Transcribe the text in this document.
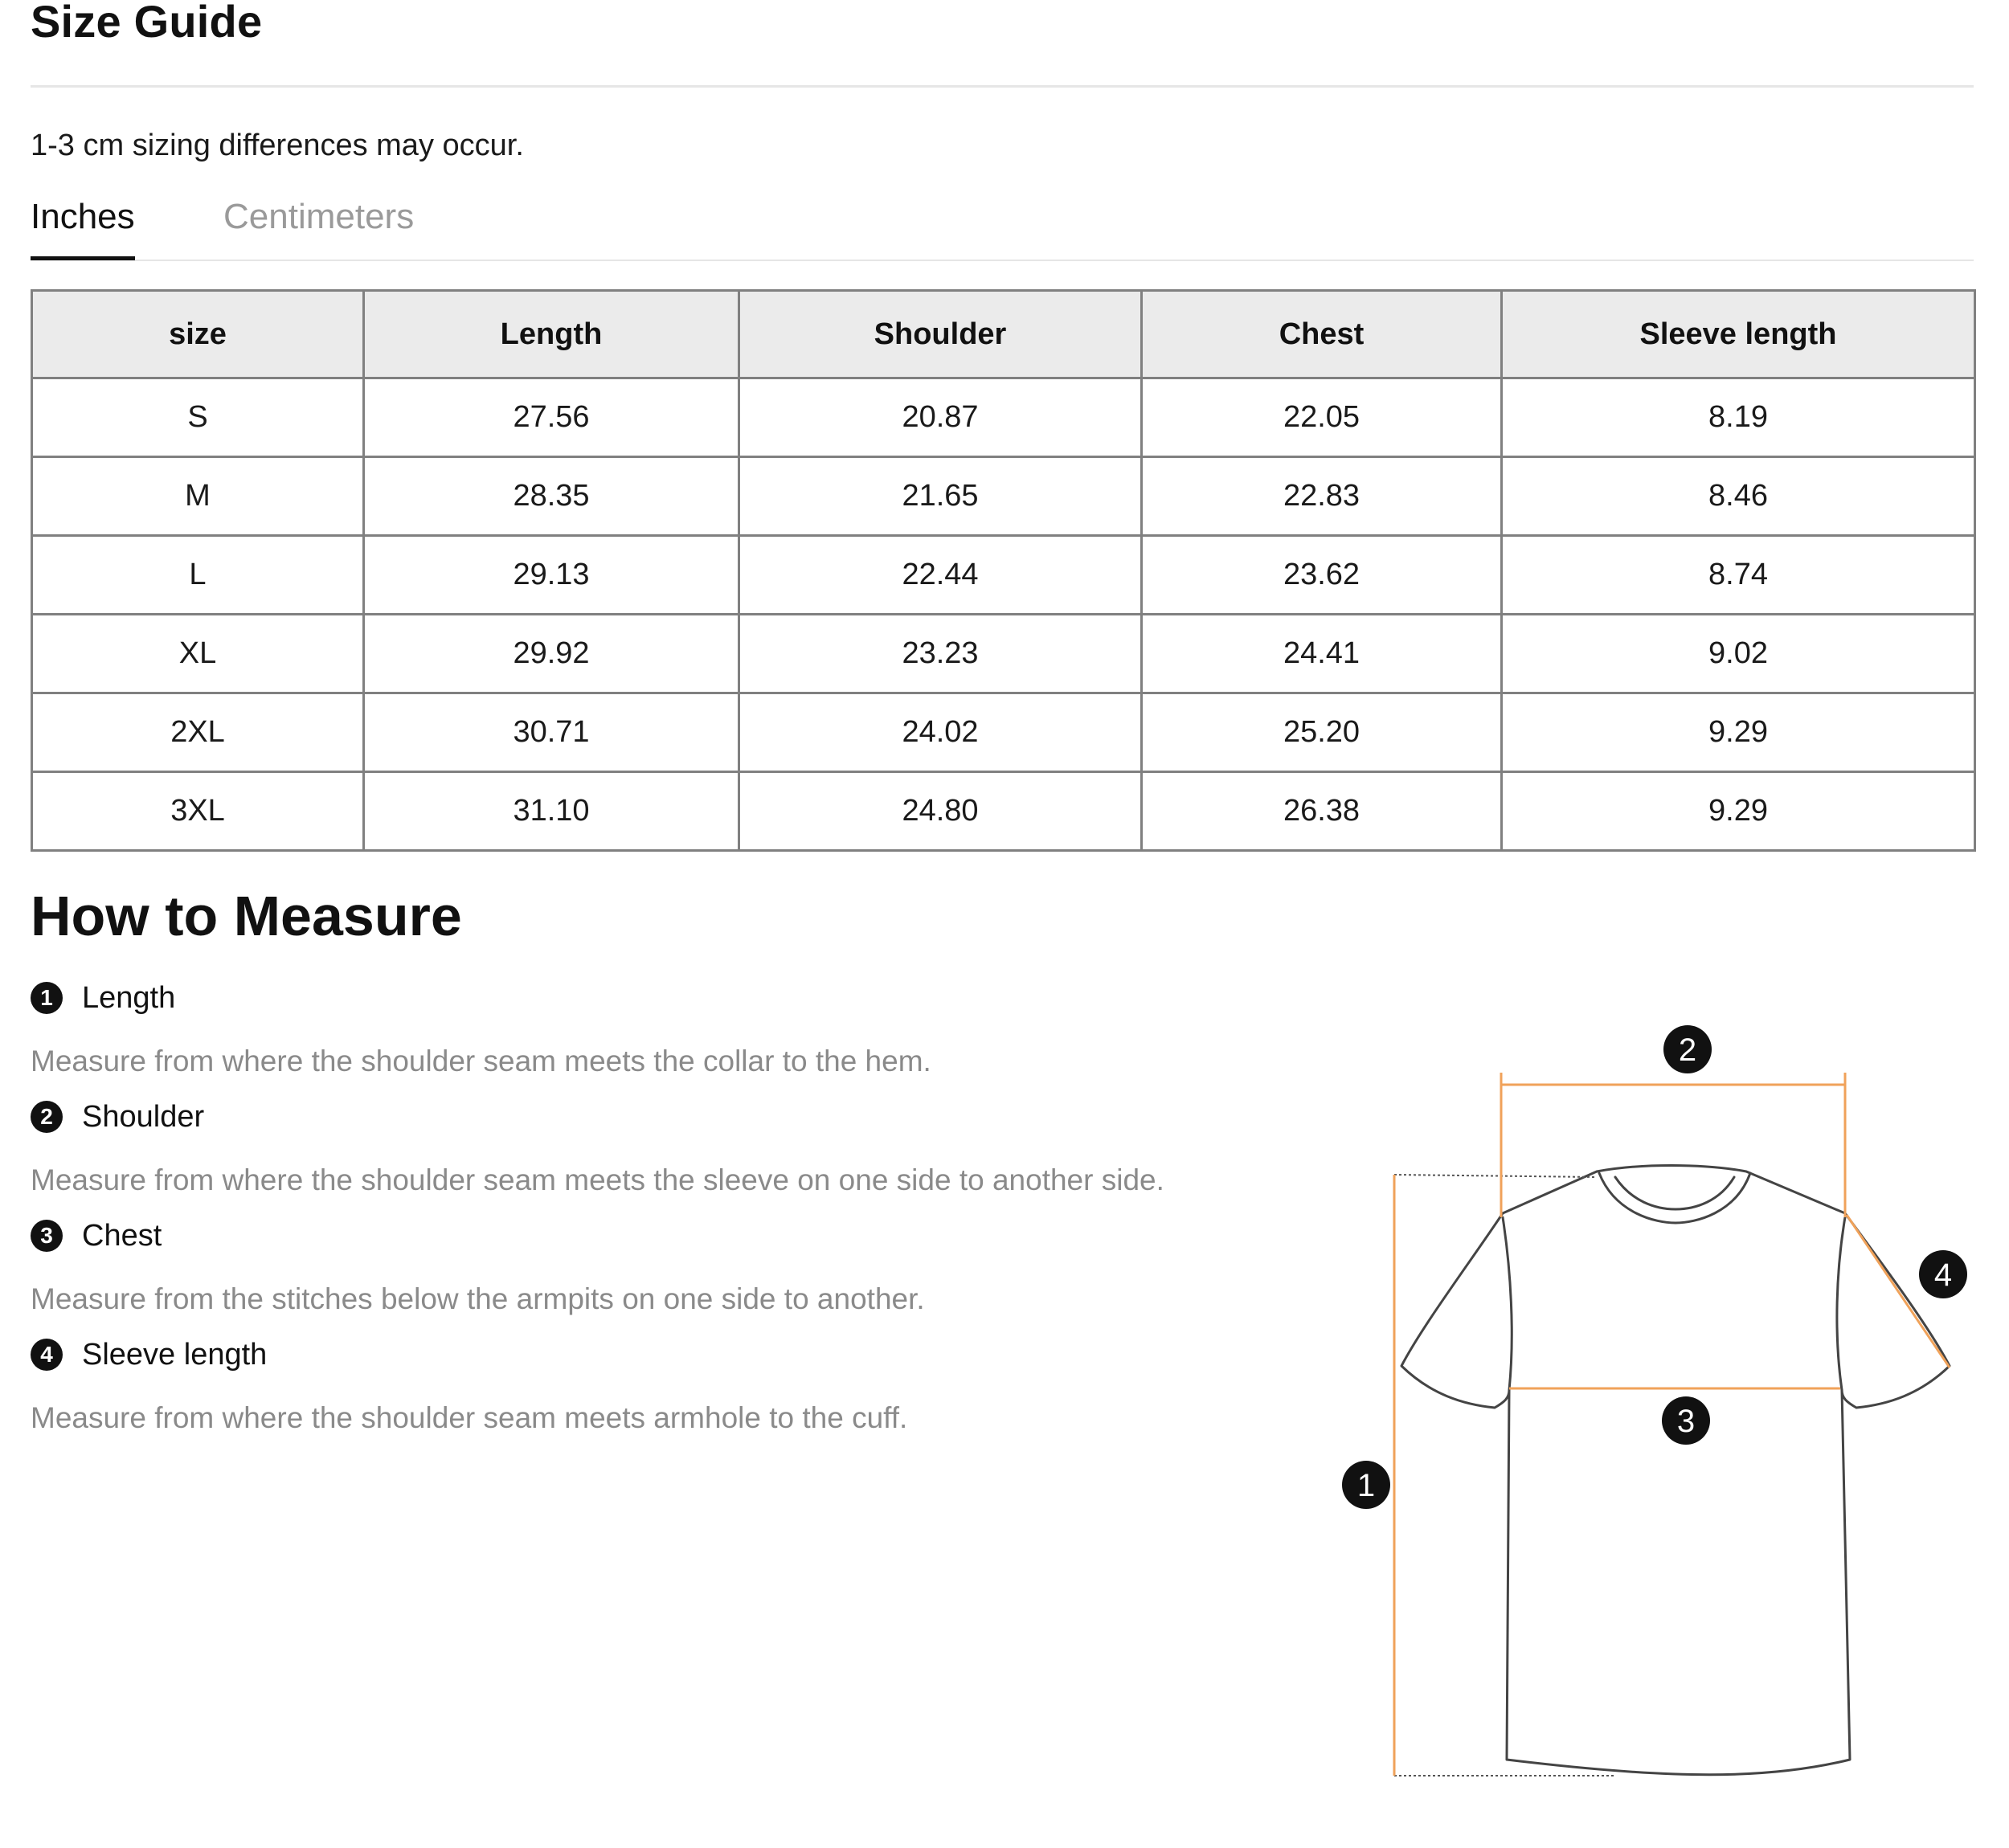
Size Guide
1-3 cm sizing differences may occur.
Inches	Centimeters
size	Length	Shoulder	Chest	Sleeve length
S	27.56	20.87	22.05	8.19
M	28.35	21.65	22.83	8.46
L	29.13	22.44	23.62	8.74
XL	29.92	23.23	24.41	9.02
2XL	30.71	24.02	25.20	9.29
3XL	31.10	24.80	26.38	9.29
How to Measure
1 Length
Measure from where the shoulder seam meets the collar to the hem.
2 Shoulder
Measure from where the shoulder seam meets the sleeve on one side to another side.
3 Chest
Measure from the stitches below the armpits on one side to another.
4 Sleeve length
Measure from where the shoulder seam meets armhole to the cuff.
1
2
3
4
